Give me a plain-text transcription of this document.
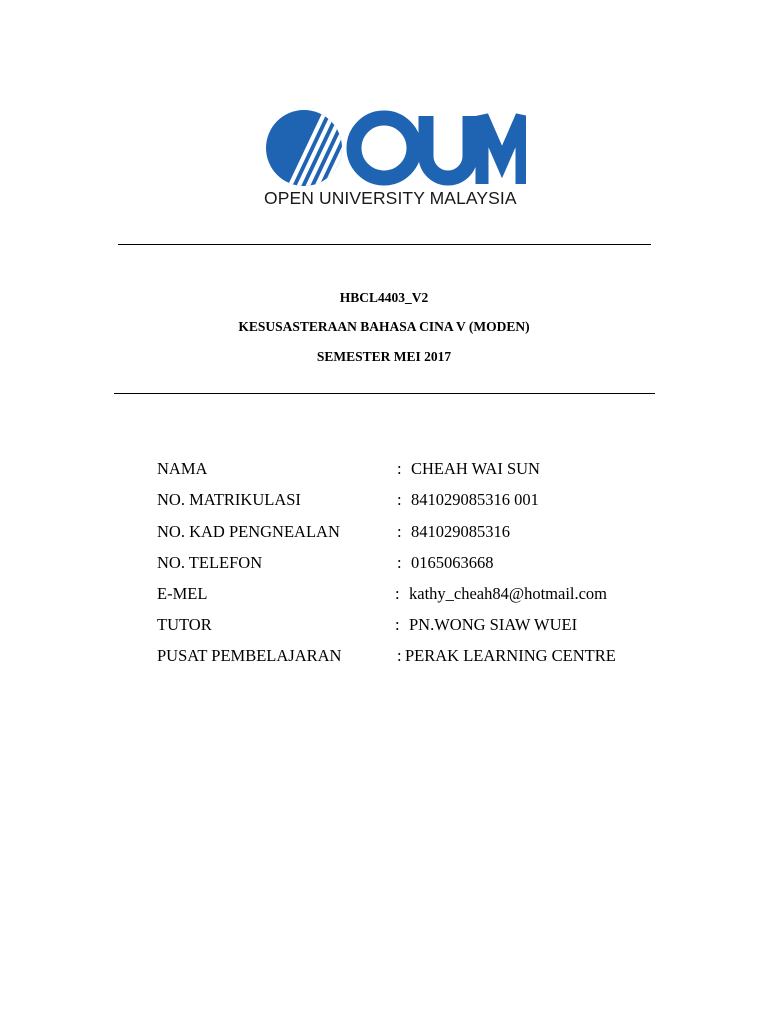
OPEN UNIVERSITY MALAYSIA
HBCL4403_V2
KESUSASTERAAN BAHASA CINA V (MODEN)
SEMESTER MEI 2017
NAMA	: CHEAH WAI SUN
NO. MATRIKULASI	: 841029085316 001
NO. KAD PENGNEALAN	: 841029085316
NO. TELEFON	: 0165063668
E-MEL	: kathy_cheah84@hotmail.com
TUTOR	: PN.WONG SIAW WUEI
PUSAT PEMBELAJARAN	: PERAK LEARNING CENTRE
